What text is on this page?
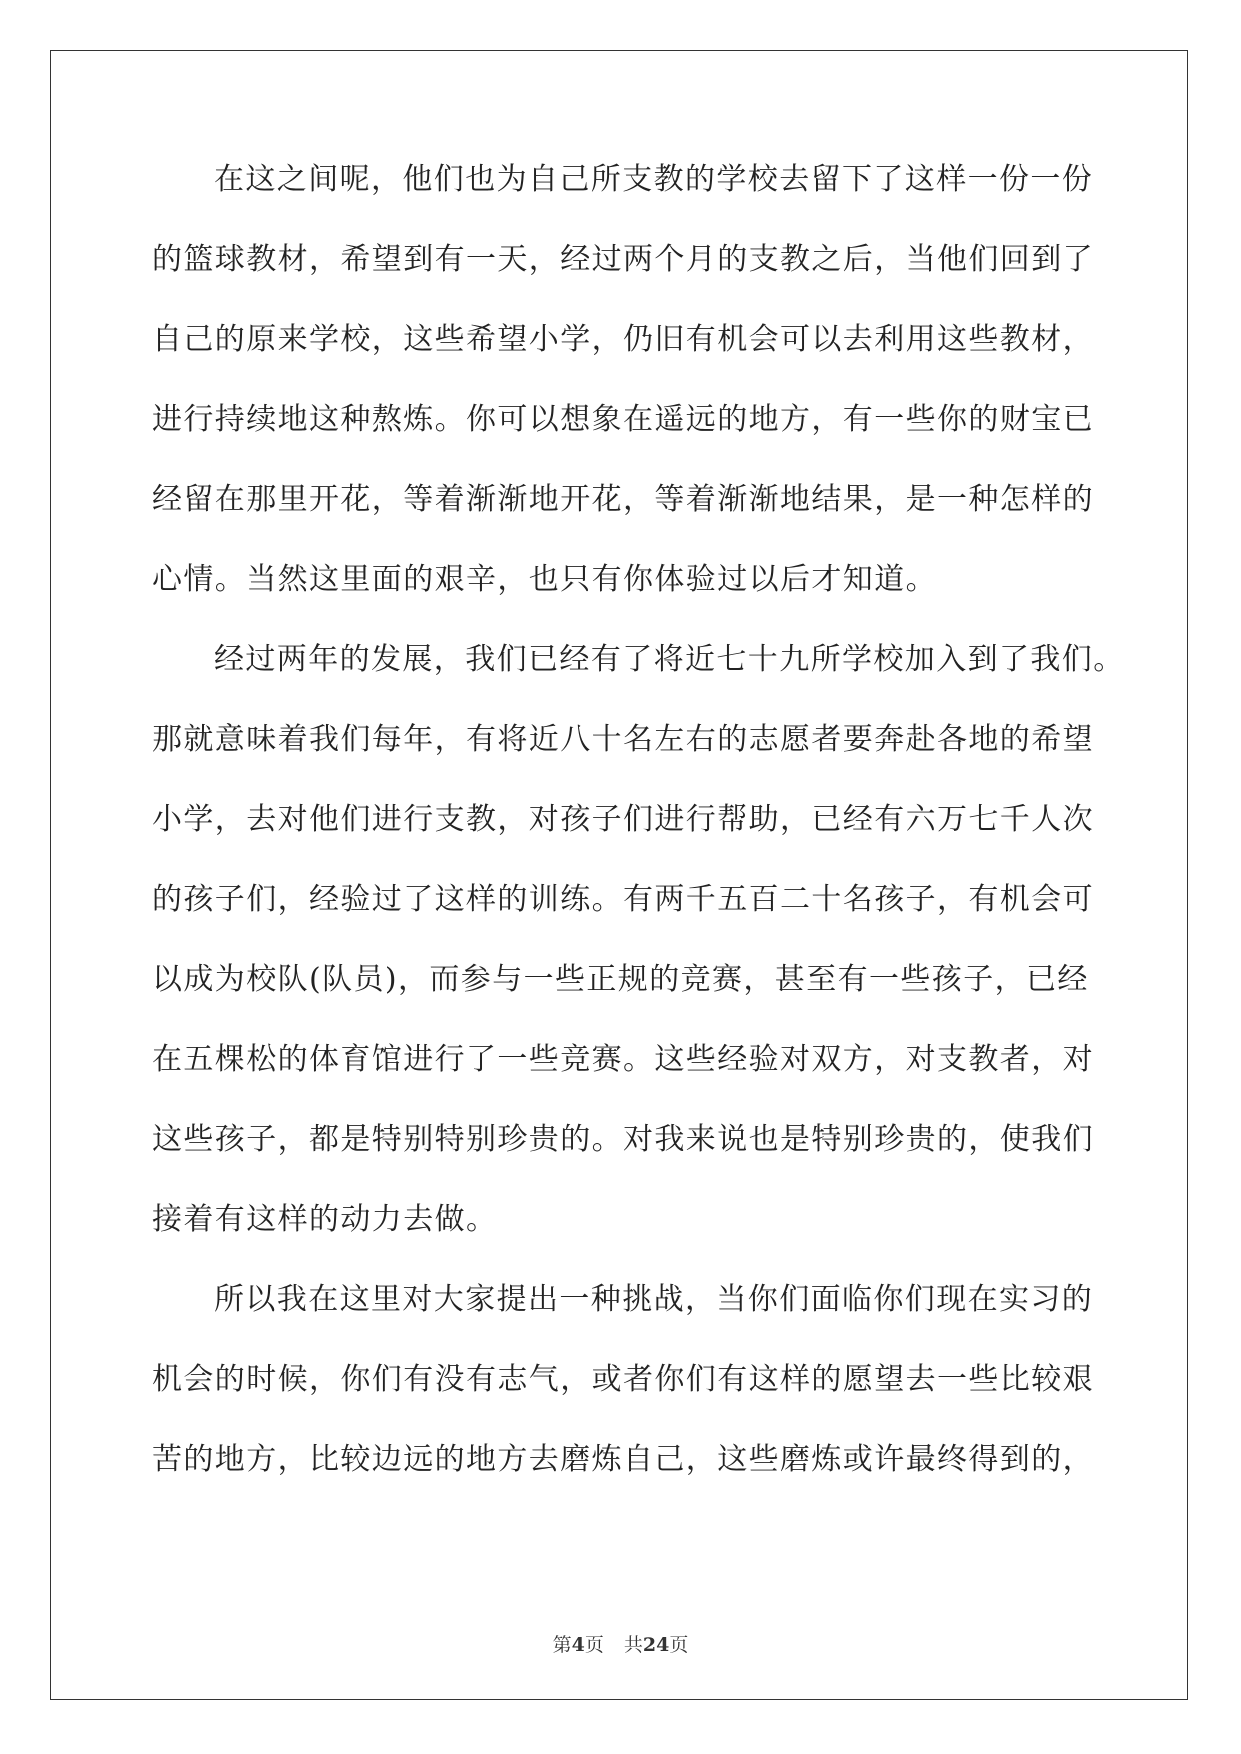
在这之间呢，他们也为自己所支教的学校去留下了这样一份一份
的篮球教材，希望到有一天，经过两个月的支教之后，当他们回到了
自己的原来学校，这些希望小学，仍旧有机会可以去利用这些教材，
进行持续地这种熬炼。你可以想象在遥远的地方，有一些你的财宝已
经留在那里开花，等着渐渐地开花，等着渐渐地结果，是一种怎样的
心情。当然这里面的艰辛，也只有你体验过以后才知道。
经过两年的发展，我们已经有了将近七十九所学校加入到了我们。
那就意味着我们每年，有将近八十名左右的志愿者要奔赴各地的希望
小学，去对他们进行支教，对孩子们进行帮助，已经有六万七千人次
的孩子们，经验过了这样的训练。有两千五百二十名孩子，有机会可
以成为校队(队员)，而参与一些正规的竞赛，甚至有一些孩子，已经
在五棵松的体育馆进行了一些竞赛。这些经验对双方，对支教者，对
这些孩子，都是特别特别珍贵的。对我来说也是特别珍贵的，使我们
接着有这样的动力去做。
所以我在这里对大家提出一种挑战，当你们面临你们现在实习的
机会的时候，你们有没有志气，或者你们有这样的愿望去一些比较艰
苦的地方，比较边远的地方去磨炼自己，这些磨炼或许最终得到的，
第4页 共24页
